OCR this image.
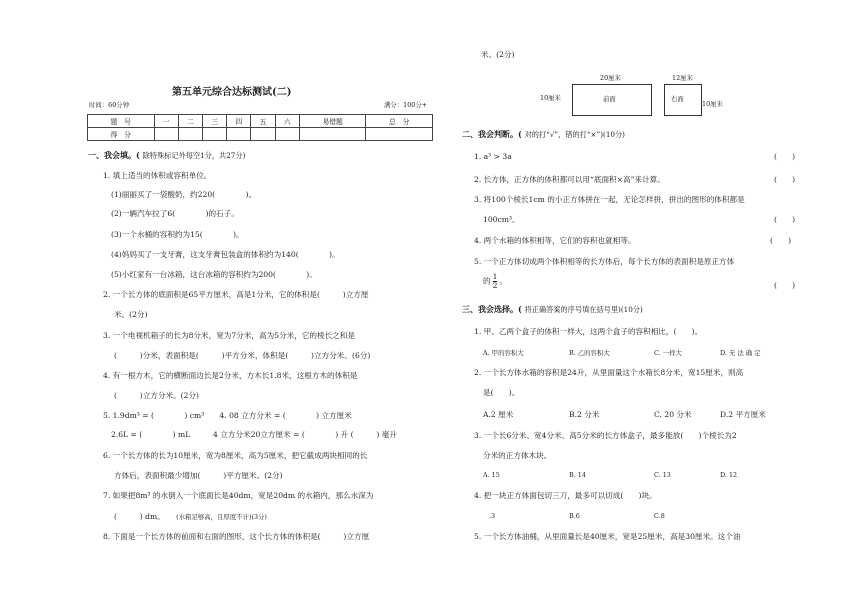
第五单元综合达标测试(二)
时间：60分钟	满分：100分+
题　号	一	二	三	四	五	六	易错题	总　分
得　分								
一、我会填。( 除特殊标记外每空1分，共27分)
1. 填上适当的体积或容积单位。
(1)丽丽买了一袋酸奶，约220(　　　　)。
(2)一辆汽车拉了6(　　　　)的石子。
(3)一个水桶的容积约为15(　　　　)。
(4)妈妈买了一支牙膏，这支牙膏包装盒的体积约为140(　　　　)。
(5)小红家有一台冰箱，这台冰箱的容积约为200(　　　　)。
2. 一个长方体的底面积是65平方厘米，高是1分米，它的体积是(　　　)立方厘
米。(2分)
3. 一个电视机箱子的长为8分米，宽为7分米，高为5分米，它的棱长之和是
(　　　)分米，表面积是(　　　)平方分米，体积是(　　　)立方分米。(6分)
4. 有一根方木，它的横断面边长是2分米，方木长1.8米，这根方木的体积是
(　　　)立方分米。(2分)
5. 1.9dm³ = (　　　　) cm³　　4. 08 立方分米 = (　　　　) 立方厘米
2.6L = (　　　　) mL　　　4 立方分米20立方厘米 = (　　　　) 升 (　　　) 毫升
6. 一个长方体的长为10厘米，宽为8厘米，高为5厘米，把它截成两块相同的长
方体后，表面积最少增加(　　　)平方厘米。(2分)
7. 如果把8m³ 的水倒入一个底面长是40dm，宽是20dm 的水箱内，那么水深为
(　　　) dm。　　 (水箱足够高，且厚度不计)(3分)
8. 下面是一个长方体的前面和右面的图形，这个长方体的体积是(　　　)立方厘
米。(2分)
20厘米
前面
10厘米
12厘米
右面
10厘米
二、我会判断。( 对的打“√”，错的打“×”)(10分)
1. a³ > 3a	(　　)
2. 长方体，正方体的体积都可以用“底面积×高”来计算。	(　　)
3. 将100个棱长1cm 的小正方体拼在一起，无论怎样拼，拼出的图形的体积都是
100cm³。	(　　)
4. 两个水箱的体积相等，它们的容积也就相等。	(　　)
5. 一个正方体切成两个体积相等的长方体后，每个长方体的表面积是原正方体
的 $\frac{1}{2}$ 。	(　　)
三、我会选择。( 将正确答案的序号填在括号里)(10分)
1. 甲、乙两个盒子的体积一样大，这两个盒子的容积相比，(　　)。
A. 甲的容积大	B. 乙的容积大	C. 一样大	D. 无 法 确 定
2. 一个长方体水箱的容积是24升，从里面量这个水箱长8分米，宽15厘米，则高
是(　　)。
A.2 厘米	B.2 分米	C. 20 分米	D.2 平方厘米
3. 一个长6分米、宽4分米、高5分米的长方体盒子，最多能放(　　)个棱长为2
分米的正方体木块。
A. 15	B. 14	C. 13	D. 12
4. 把一块正方体面包切三刀，最多可以切成(　　)块。
.3	B.6	C.8
5. 一个长方体油桶，从里面量长是40厘米，宽是25厘米，高是30厘米。这个油
